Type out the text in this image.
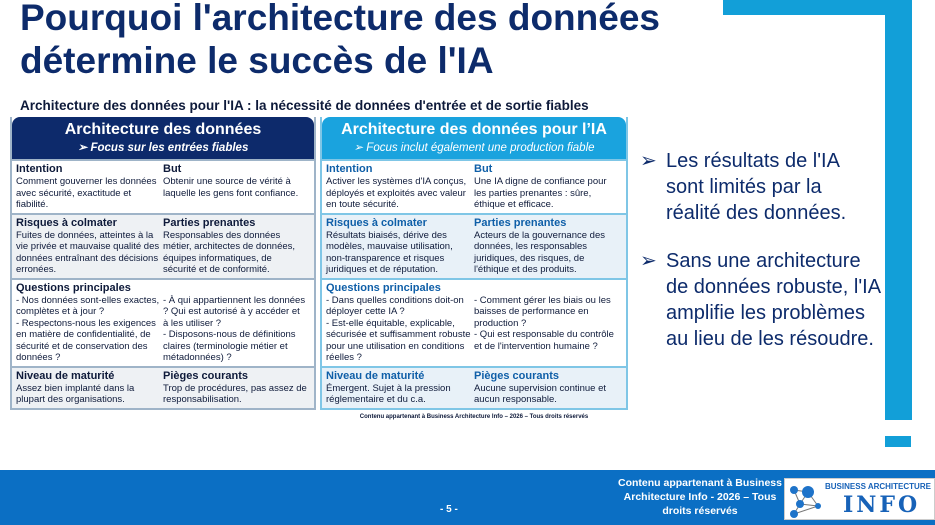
Pourquoi l'architecture des données
détermine le succès de l'IA
Architecture des données pour l'IA : la nécessité de données d'entrée et de sortie fiables
Architecture des données
➢ Focus sur les entrées fiables
Intention
Comment gouverner les données avec sécurité, exactitude et fiabilité.
But
Obtenir une source de vérité à laquelle les gens font confiance.
Risques à colmater
Fuites de données, atteintes à la vie privée et mauvaise qualité des données entraînant des décisions erronées.
Parties prenantes
Responsables des données métier, architectes de données, équipes informatiques, de sécurité et de conformité.
Questions principales
- Nos données sont-elles exactes, complètes et à jour ?
- Respectons-nous les exigences en matière de confidentialité, de sécurité et de conservation des données ?
- À qui appartiennent les données ? Qui est autorisé à y accéder et à les utiliser ?
- Disposons-nous de définitions claires (terminologie métier et métadonnées) ?
Niveau de maturité
Assez bien implanté dans la plupart des organisations.
Pièges courants
Trop de procédures, pas assez de responsabilisation.
Architecture des données pour l’IA
➢ Focus inclut également une production fiable
Intention
Activer les systèmes d'IA conçus, déployés et exploités avec valeur en toute sécurité.
But
Une IA digne de confiance pour les parties prenantes : sûre, éthique et efficace.
Risques à colmater
Résultats biaisés, dérive des modèles, mauvaise utilisation, non-transparence et risques juridiques et de réputation.
Parties prenantes
Acteurs de la gouvernance des données, les responsables juridiques, des risques, de l'éthique et des produits.
Questions principales
- Dans quelles conditions doit-on déployer cette IA ?
- Est-elle équitable, explicable, sécurisée et suffisamment robuste pour une utilisation en conditions réelles ?
- Comment gérer les biais ou les baisses de performance en production ?
- Qui est responsable du contrôle et de l'intervention humaine ?
Niveau de maturité
Émergent. Sujet à la pression réglementaire et du c.a.
Pièges courants
Aucune supervision continue et aucun responsable.
Contenu appartenant à Business Architecture Info – 2026 – Tous droits réservés
➢ Les résultats de l'IA sont limités par la réalité des données.
➢ Sans une architecture de données robuste, l'IA amplifie les problèmes au lieu de les résoudre.
- 5 -
Contenu appartenant à Business Architecture Info - 2026 – Tous droits réservés
BUSINESS ARCHITECTURE
INFO
